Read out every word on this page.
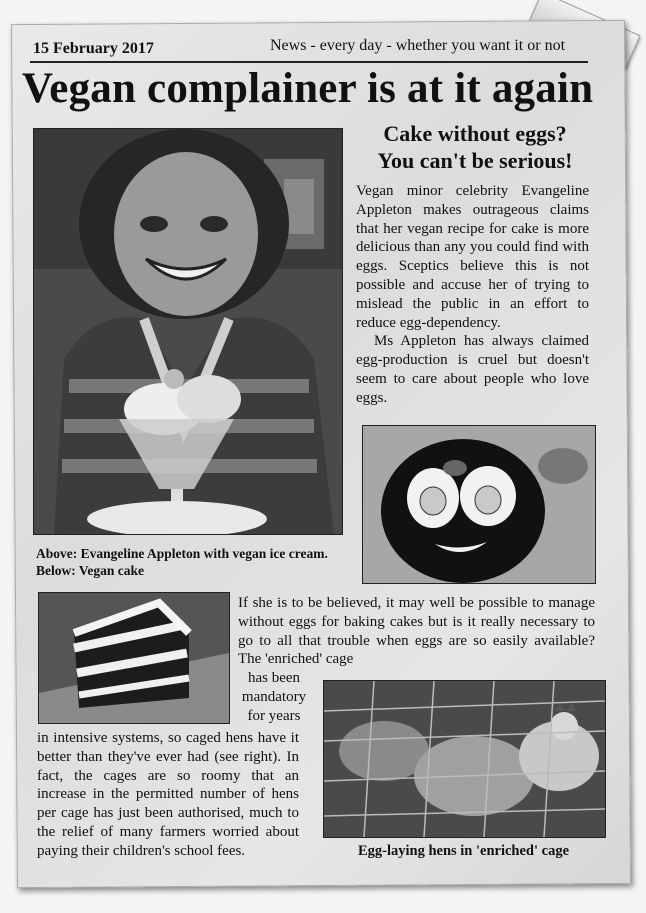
15 February 2017	News - every day - whether you want it or not
Vegan complainer is at it again
Above: Evangeline Appleton with vegan ice cream.
Below: Vegan cake
Cake without eggs?
You can't be serious!

Vegan minor celebrity Evangeline Appleton makes outrageous claims that her vegan recipe for cake is more delicious than any you could find with eggs. Sceptics believe this is not possible and accuse her of trying to mislead the public in an effort to reduce egg-dependency.

Ms Appleton has always claimed egg-production is cruel but doesn't seem to care about people who love eggs.

If she is to be believed, it may well be possible to manage without eggs for baking cakes but is it really necessary to go to all that trouble when eggs are so easily available? The 'enriched' cage
has been mandatory for years
in intensive systems, so caged hens have it better than they've ever had (see right). In fact, the cages are so roomy that an increase in the permitted number of hens per cage has just been authorised, much to the relief of many farmers worried about paying their children's school fees.	Egg-laying hens in 'enriched' cage
